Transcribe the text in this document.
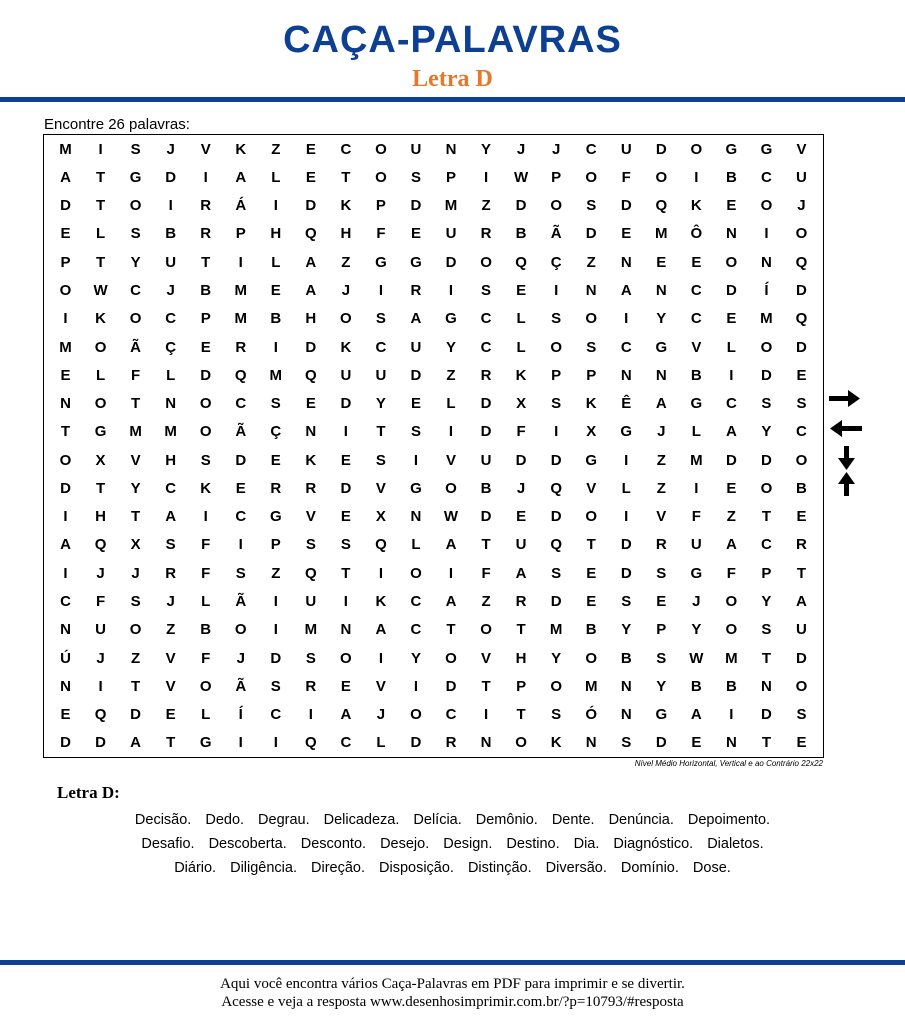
CAÇA-PALAVRAS
Letra D
Encontre 26 palavras:
M	I	S	J	V	K	Z	E	C	O	U	N	Y	J	J	C	U	D	O	G	G	V
A	T	G	D	I	A	L	E	T	O	S	P	I	W	P	O	F	O	I	B	C	U
D	T	O	I	R	Á	I	D	K	P	D	M	Z	D	O	S	D	Q	K	E	O	J
E	L	S	B	R	P	H	Q	H	F	E	U	R	B	Ã	D	E	M	Ô	N	I	O
P	T	Y	U	T	I	L	A	Z	G	G	D	O	Q	Ç	Z	N	E	E	O	N	Q
O	W	C	J	B	M	E	A	J	I	R	I	S	E	I	N	A	N	C	D	Í	D
I	K	O	C	P	M	B	H	O	S	A	G	C	L	S	O	I	Y	C	E	M	Q
M	O	Ã	Ç	E	R	I	D	K	C	U	Y	C	L	O	S	C	G	V	L	O	D
E	L	F	L	D	Q	M	Q	U	U	D	Z	R	K	P	P	N	N	B	I	D	E
N	O	T	N	O	C	S	E	D	Y	E	L	D	X	S	K	Ê	A	G	C	S	S
T	G	M	M	O	Ã	Ç	N	I	T	S	I	D	F	I	X	G	J	L	A	Y	C
O	X	V	H	S	D	E	K	E	S	I	V	U	D	D	G	I	Z	M	D	D	O
D	T	Y	C	K	E	R	R	D	V	G	O	B	J	Q	V	L	Z	I	E	O	B
I	H	T	A	I	C	G	V	E	X	N	W	D	E	D	O	I	V	F	Z	T	E
A	Q	X	S	F	I	P	S	S	Q	L	A	T	U	Q	T	D	R	U	A	C	R
I	J	J	R	F	S	Z	Q	T	I	O	I	F	A	S	E	D	S	G	F	P	T
C	F	S	J	L	Ã	I	U	I	K	C	A	Z	R	D	E	S	E	J	O	Y	A
N	U	O	Z	B	O	I	M	N	A	C	T	O	T	M	B	Y	P	Y	O	S	U
Ú	J	Z	V	F	J	D	S	O	I	Y	O	V	H	Y	O	B	S	W	M	T	D
N	I	T	V	O	Ã	S	R	E	V	I	D	T	P	O	M	N	Y	B	B	N	O
E	Q	D	E	L	Í	C	I	A	J	O	C	I	T	S	Ó	N	G	A	I	D	S
D	D	A	T	G	I	I	Q	C	L	D	R	N	O	K	N	S	D	E	N	T	E
Nível Médio Horizontal, Vertical e ao Contrário 22x22
Letra D:
Decisão. Dedo. Degrau. Delicadeza. Delícia. Demônio. Dente. Denúncia. Depoimento.
Desafio. Descoberta. Desconto. Desejo. Design. Destino. Dia. Diagnóstico. Dialetos.
Diário. Diligência. Direção. Disposição. Distinção. Diversão. Domínio. Dose.
Aqui você encontra vários Caça-Palavras em PDF para imprimir e se divertir.
Acesse e veja a resposta www.desenhosimprimir.com.br/?p=10793/#resposta
